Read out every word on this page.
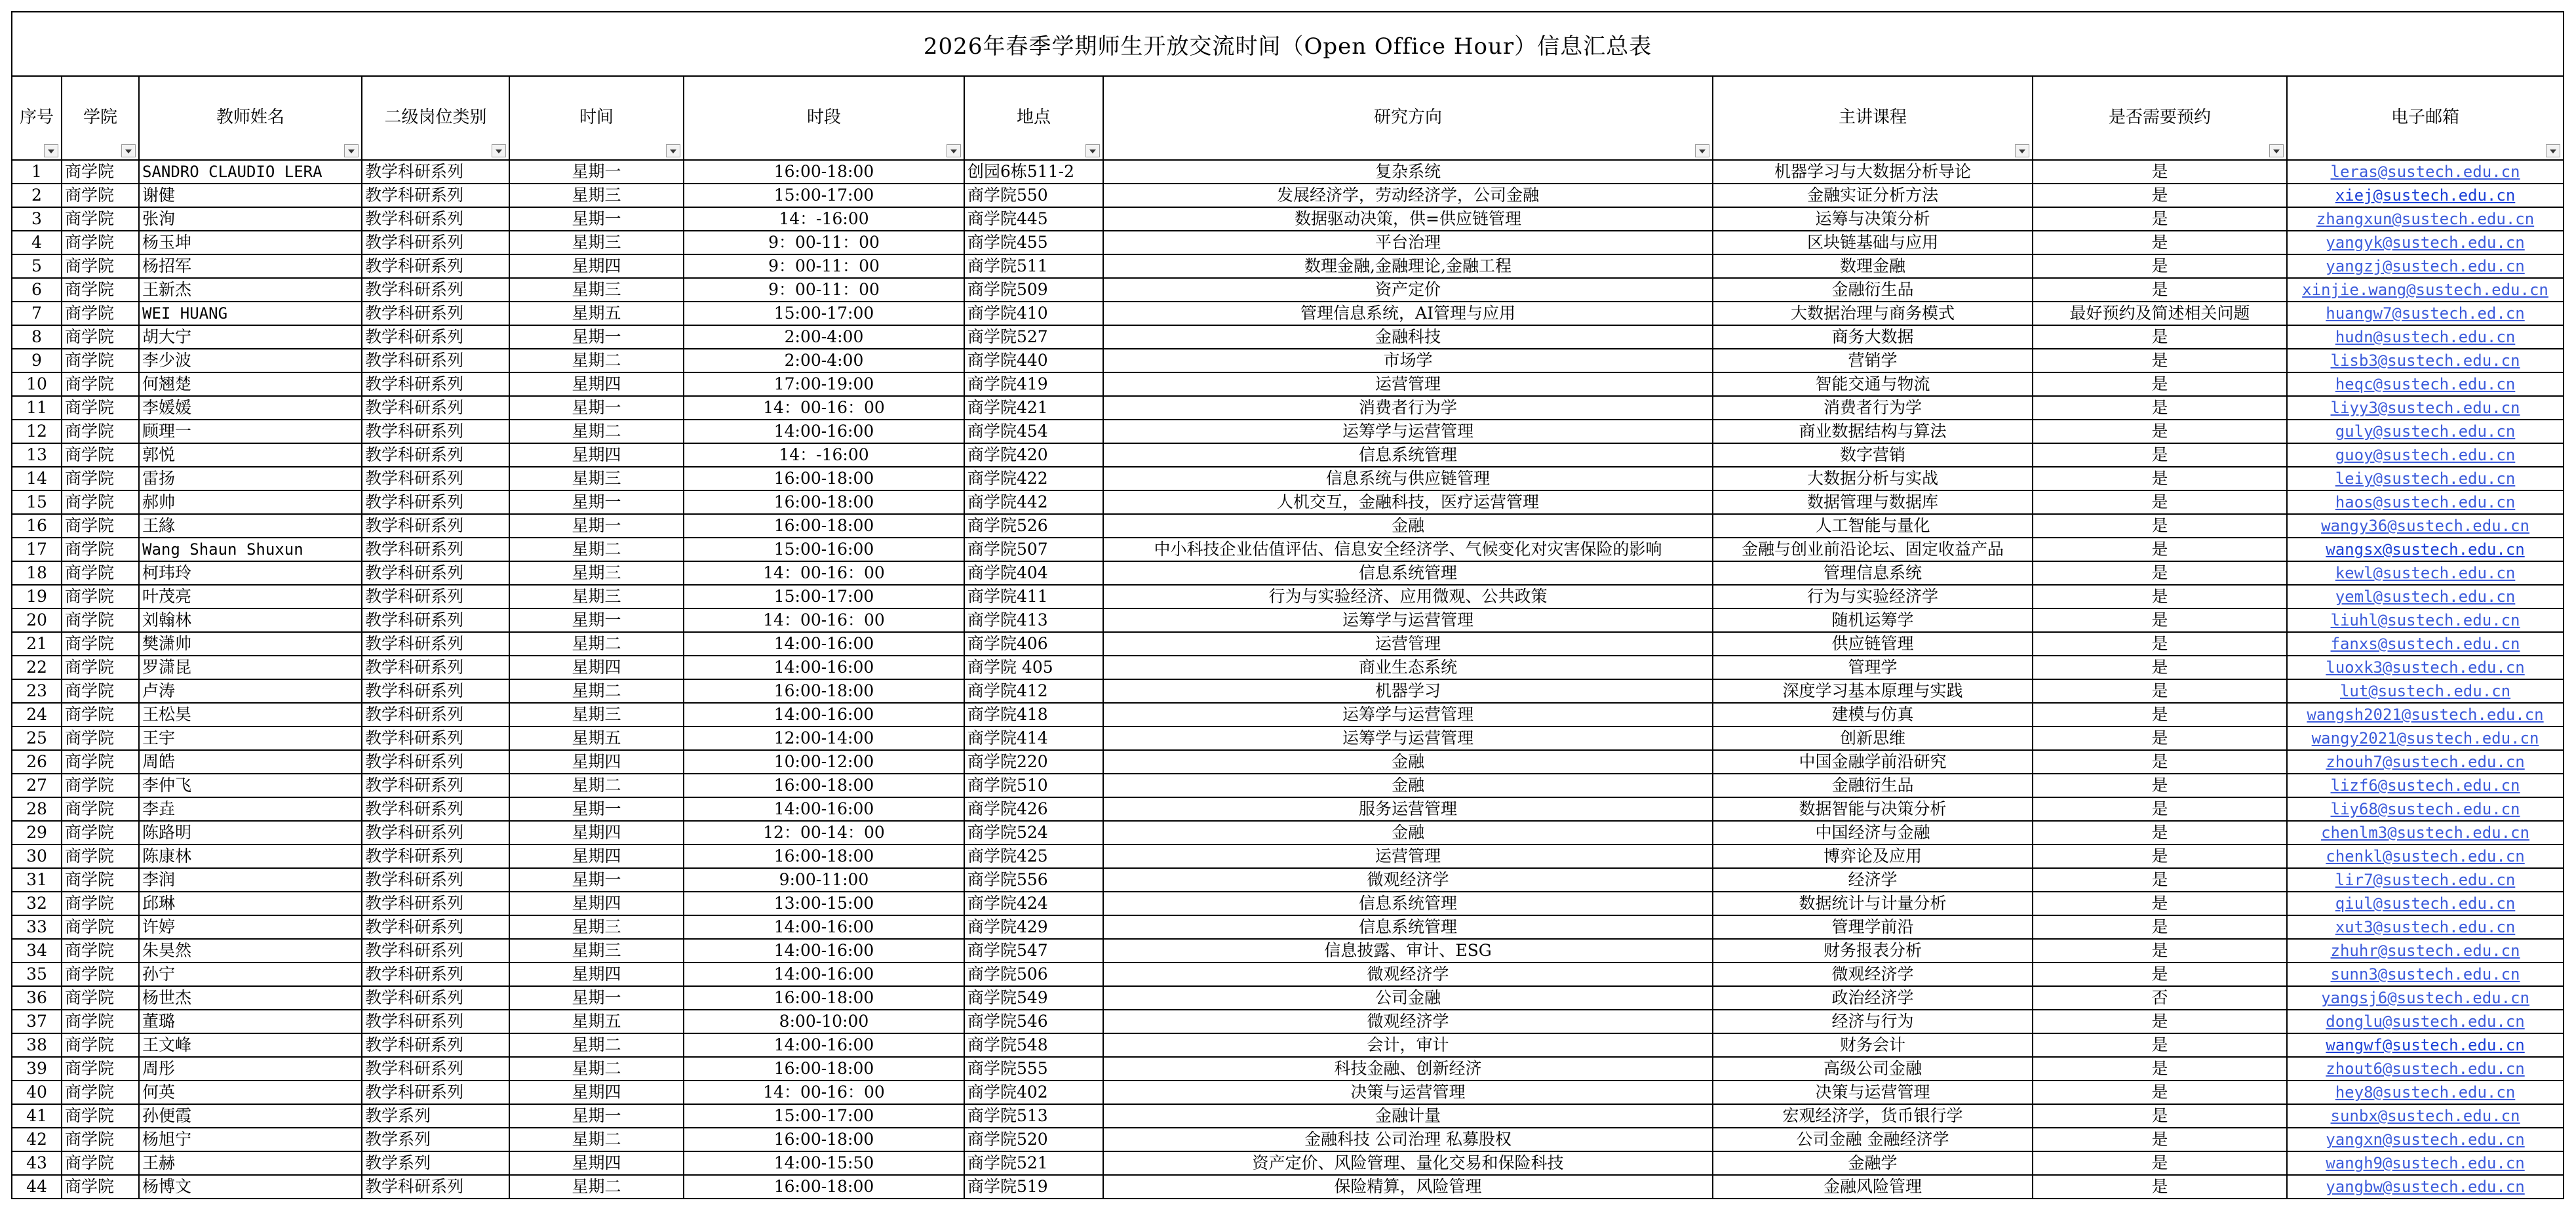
2026年春季学期师生开放交流时间（Open Office Hour）信息汇总表										

序号	学院	教师姓名	二级岗位类别	时间	时段	地点	研究方向	主讲课程	是否需要预约	电子邮箱

1	商学院	SANDRO CLAUDIO LERA	教学科研系列	星期一	16:00-18:00	创园6栋511-2	复杂系统	机器学习与大数据分析导论	是	leras@sustech.edu.cn
2	商学院	谢健	教学科研系列	星期三	15:00-17:00	商学院550	发展经济学，劳动经济学，公司金融	金融实证分析方法	是	xiej@sustech.edu.cn
3	商学院	张洵	教学科研系列	星期一	14：-16:00	商学院445	数据驱动决策，供=供应链管理	运筹与决策分析	是	zhangxun@sustech.edu.cn
4	商学院	杨玉坤	教学科研系列	星期三	9：00-11：00	商学院455	平台治理	区块链基础与应用	是	yangyk@sustech.edu.cn
5	商学院	杨招军	教学科研系列	星期四	9：00-11：00	商学院511	数理金融,金融理论,金融工程	数理金融	是	yangzj@sustech.edu.cn
6	商学院	王新杰	教学科研系列	星期三	9：00-11：00	商学院509	资产定价	金融衍生品	是	xinjie.wang@sustech.edu.cn
7	商学院	WEI HUANG	教学科研系列	星期五	15:00-17:00	商学院410	管理信息系统，AI管理与应用	大数据治理与商务模式	最好预约及简述相关问题	huangw7@sustech.ed.cn
8	商学院	胡大宁	教学科研系列	星期一	2:00-4:00	商学院527	金融科技	商务大数据	是	hudn@sustech.edu.cn
9	商学院	李少波	教学科研系列	星期二	2:00-4:00	商学院440	市场学	营销学	是	lisb3@sustech.edu.cn
10	商学院	何翘楚	教学科研系列	星期四	17:00-19:00	商学院419	运营管理	智能交通与物流	是	heqc@sustech.edu.cn
11	商学院	李媛媛	教学科研系列	星期一	14：00-16：00	商学院421	消费者行为学	消费者行为学	是	liyy3@sustech.edu.cn
12	商学院	顾理一	教学科研系列	星期二	14:00-16:00	商学院454	运筹学与运营管理	商业数据结构与算法	是	guly@sustech.edu.cn
13	商学院	郭悦	教学科研系列	星期四	14：-16:00	商学院420	信息系统管理	数字营销	是	guoy@sustech.edu.cn
14	商学院	雷扬	教学科研系列	星期三	16:00-18:00	商学院422	信息系统与供应链管理	大数据分析与实战	是	leiy@sustech.edu.cn
15	商学院	郝帅	教学科研系列	星期一	16:00-18:00	商学院442	人机交互，金融科技，医疗运营管理	数据管理与数据库	是	haos@sustech.edu.cn
16	商学院	王緣	教学科研系列	星期一	16:00-18:00	商学院526	金融	人工智能与量化	是	wangy36@sustech.edu.cn
17	商学院	Wang Shaun Shuxun	教学科研系列	星期二	15:00-16:00	商学院507	中小科技企业估值评估、信息安全经济学、气候变化对灾害保险的影响	金融与创业前沿论坛、固定收益产品	是	wangsx@sustech.edu.cn
18	商学院	柯玮玲	教学科研系列	星期三	14：00-16：00	商学院404	信息系统管理	管理信息系统	是	kewl@sustech.edu.cn
19	商学院	叶茂亮	教学科研系列	星期三	15:00-17:00	商学院411	行为与实验经济、应用微观、公共政策	行为与实验经济学	是	yeml@sustech.edu.cn
20	商学院	刘翰林	教学科研系列	星期一	14：00-16：00	商学院413	运筹学与运营管理	随机运筹学	是	liuhl@sustech.edu.cn
21	商学院	樊潇帅	教学科研系列	星期二	14:00-16:00	商学院406	运营管理	供应链管理	是	fanxs@sustech.edu.cn
22	商学院	罗潇昆	教学科研系列	星期四	14:00-16:00	商学院 405	商业生态系统	管理学	是	luoxk3@sustech.edu.cn
23	商学院	卢涛	教学科研系列	星期二	16:00-18:00	商学院412	机器学习	深度学习基本原理与实践	是	lut@sustech.edu.cn
24	商学院	王松昊	教学科研系列	星期三	14:00-16:00	商学院418	运筹学与运营管理	建模与仿真	是	wangsh2021@sustech.edu.cn
25	商学院	王宇	教学科研系列	星期五	12:00-14:00	商学院414	运筹学与运营管理	创新思维	是	wangy2021@sustech.edu.cn
26	商学院	周皓	教学科研系列	星期四	10:00-12:00	商学院220	金融	中国金融学前沿研究	是	zhouh7@sustech.edu.cn
27	商学院	李仲飞	教学科研系列	星期二	16:00-18:00	商学院510	金融	金融衍生品	是	lizf6@sustech.edu.cn
28	商学院	李垚	教学科研系列	星期一	14:00-16:00	商学院426	服务运营管理	数据智能与决策分析	是	liy68@sustech.edu.cn
29	商学院	陈路明	教学科研系列	星期四	12：00-14：00	商学院524	金融	中国经济与金融	是	chenlm3@sustech.edu.cn
30	商学院	陈康林	教学科研系列	星期四	16:00-18:00	商学院425	运营管理	博弈论及应用	是	chenkl@sustech.edu.cn
31	商学院	李润	教学科研系列	星期一	9:00-11:00	商学院556	微观经济学	经济学	是	lir7@sustech.edu.cn
32	商学院	邱琳	教学科研系列	星期四	13:00-15:00	商学院424	信息系统管理	数据统计与计量分析	是	qiul@sustech.edu.cn
33	商学院	许婷	教学科研系列	星期三	14:00-16:00	商学院429	信息系统管理	管理学前沿	是	xut3@sustech.edu.cn
34	商学院	朱昊然	教学科研系列	星期三	14:00-16:00	商学院547	信息披露、审计、ESG	财务报表分析	是	zhuhr@sustech.edu.cn
35	商学院	孙宁	教学科研系列	星期四	14:00-16:00	商学院506	微观经济学	微观经济学	是	sunn3@sustech.edu.cn
36	商学院	杨世杰	教学科研系列	星期一	16:00-18:00	商学院549	公司金融	政治经济学	否	yangsj6@sustech.edu.cn
37	商学院	董璐	教学科研系列	星期五	8:00-10:00	商学院546	微观经济学	经济与行为	是	donglu@sustech.edu.cn
38	商学院	王文峰	教学科研系列	星期二	14:00-16:00	商学院548	会计，审计	财务会计	是	wangwf@sustech.edu.cn
39	商学院	周彤	教学科研系列	星期二	16:00-18:00	商学院555	科技金融、创新经济	高级公司金融	是	zhout6@sustech.edu.cn
40	商学院	何英	教学科研系列	星期四	14：00-16：00	商学院402	决策与运营管理	决策与运营管理	是	hey8@sustech.edu.cn
41	商学院	孙便霞	教学系列	星期一	15:00-17:00	商学院513	金融计量	宏观经济学，货币银行学	是	sunbx@sustech.edu.cn
42	商学院	杨旭宁	教学系列	星期二	16:00-18:00	商学院520	金融科技 公司治理 私募股权	公司金融 金融经济学	是	yangxn@sustech.edu.cn
43	商学院	王赫	教学系列	星期四	14:00-15:50	商学院521	资产定价、风险管理、量化交易和保险科技	金融学	是	wangh9@sustech.edu.cn
44	商学院	杨博文	教学科研系列	星期二	16:00-18:00	商学院519	保险精算，风险管理	金融风险管理	是	yangbw@sustech.edu.cn
